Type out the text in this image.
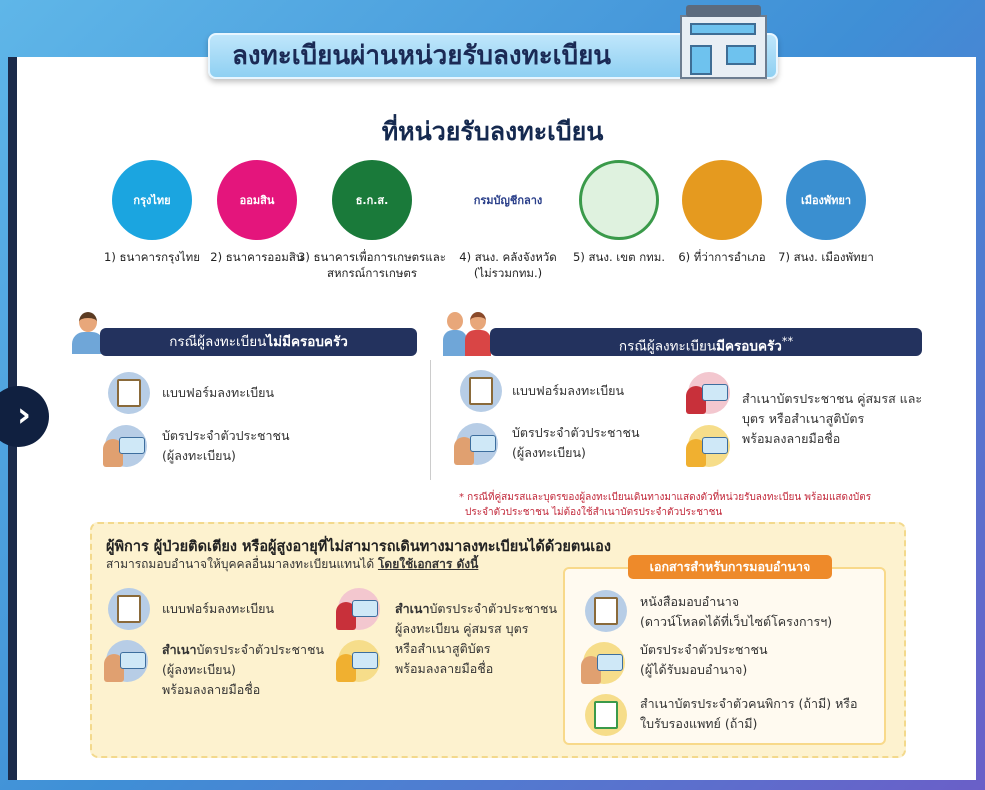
ลงทะเบียนผ่านหน่วยรับลงทะเบียน
›
ที่หน่วยรับลงทะเบียน
กรุงไทย
1) ธนาคารกรุงไทย
ออมสิน
2) ธนาคารออมสิน
ธ.ก.ส.
3) ธนาคารเพื่อการเกษตรและ
สหกรณ์การเกษตร
กรมบัญชีกลาง
4) สนง. คลังจังหวัด
(ไม่รวมกทม.)
5) สนง. เขต กทม.	6) ที่ว่าการอำเภอ
เมืองพัทยา
7) สนง. เมืองพัทยา
กรณีผู้ลงทะเบียนไม่มีครอบครัว
แบบฟอร์มลงทะเบียน
บัตรประจำตัวประชาชน
(ผู้ลงทะเบียน)
กรณีผู้ลงทะเบียนมีครอบครัว**
แบบฟอร์มลงทะเบียน
บัตรประจำตัวประชาชน
(ผู้ลงทะเบียน)
สำเนาบัตรประชาชน คู่สมรส และ
บุตร หรือสำเนาสูติบัตร
พร้อมลงลายมือชื่อ
* กรณีที่คู่สมรสและบุตรของผู้ลงทะเบียนเดินทางมาแสดงตัวที่หน่วยรับลงทะเบียน พร้อมแสดงบัตร
ประจำตัวประชาชน ไม่ต้องใช้สำเนาบัตรประจำตัวประชาชน
ผู้พิการ ผู้ป่วยติดเตียง หรือผู้สูงอายุที่ไม่สามารถเดินทางมาลงทะเบียนได้ด้วยตนเอง
สามารถมอบอำนาจให้บุคคลอื่นมาลงทะเบียนแทนได้ โดยใช้เอกสาร ดังนี้
แบบฟอร์มลงทะเบียน
สำเนาบัตรประจำตัวประชาชน
(ผู้ลงทะเบียน)
พร้อมลงลายมือชื่อ
สำเนาบัตรประจำตัวประชาชน
ผู้ลงทะเบียน คู่สมรส บุตร
หรือสำเนาสูติบัตร
พร้อมลงลายมือชื่อ
เอกสารสำหรับการมอบอำนาจ
หนังสือมอบอำนาจ
(ดาวน์โหลดได้ที่เว็บไซต์โครงการฯ)
บัตรประจำตัวประชาชน
(ผู้ได้รับมอบอำนาจ)
สำเนาบัตรประจำตัวคนพิการ (ถ้ามี) หรือ
ใบรับรองแพทย์ (ถ้ามี)
